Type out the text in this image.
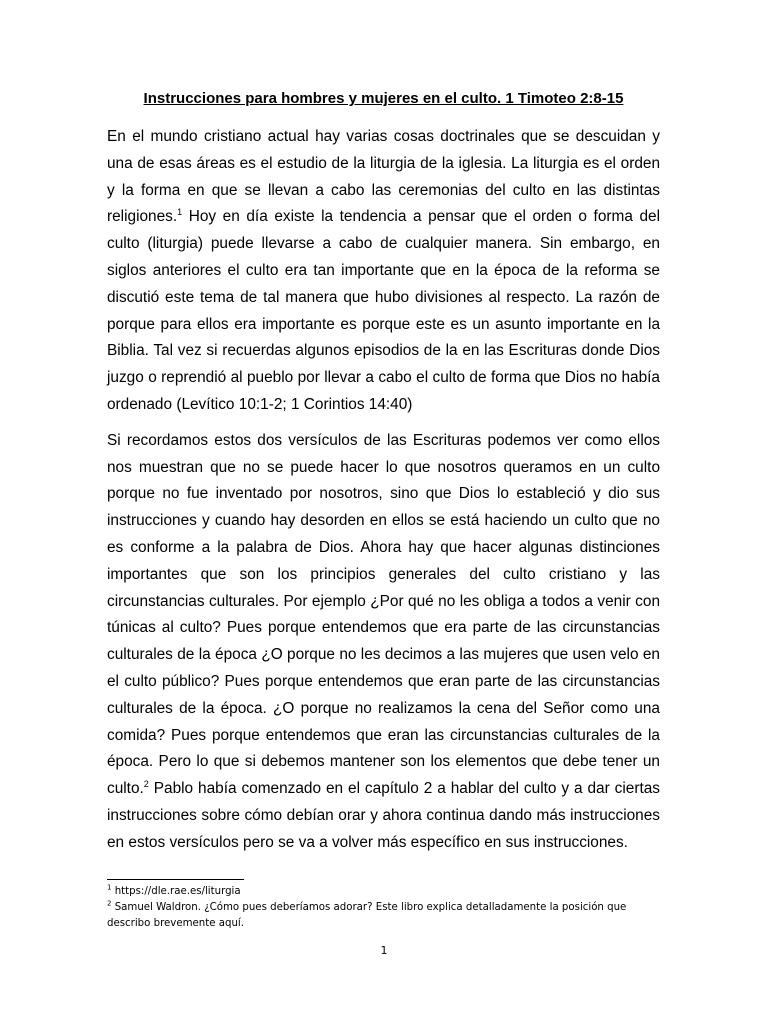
Instrucciones para hombres y mujeres en el culto. 1 Timoteo 2:8-15

En el mundo cristiano actual hay varias cosas doctrinales que se descuidan y una de esas áreas es el estudio de la liturgia de la iglesia. La liturgia es el orden y la forma en que se llevan a cabo las ceremonias del culto en las distintas religiones.$^1$ Hoy en día existe la tendencia a pensar que el orden o forma del culto (liturgia) puede llevarse a cabo de cualquier manera. Sin embargo, en siglos anteriores el culto era tan importante que en la época de la reforma se discutió este tema de tal manera que hubo divisiones al respecto. La razón de porque para ellos era importante es porque este es un asunto importante en la Biblia. Tal vez si recuerdas algunos episodios de la en las Escrituras donde Dios juzgo o reprendió al pueblo por llevar a cabo el culto de forma que Dios no había ordenado (Levítico 10:1-2; 1 Corintios 14:40)

Si recordamos estos dos versículos de las Escrituras podemos ver como ellos nos muestran que no se puede hacer lo que nosotros queramos en un culto porque no fue inventado por nosotros, sino que Dios lo estableció y dio sus instrucciones y cuando hay desorden en ellos se está haciendo un culto que no es conforme a la palabra de Dios. Ahora hay que hacer algunas distinciones importantes que son los principios generales del culto cristiano y las circunstancias culturales. Por ejemplo ¿Por qué no les obliga a todos a venir con túnicas al culto? Pues porque entendemos que era parte de las circunstancias culturales de la época ¿O porque no les decimos a las mujeres que usen velo en el culto público? Pues porque entendemos que eran parte de las circunstancias culturales de la época. ¿O porque no realizamos la cena del Señor como una comida? Pues porque entendemos que eran las circunstancias culturales de la época. Pero lo que si debemos mantener son los elementos que debe tener un culto.$^2$ Pablo había comenzado en el capítulo 2 a hablar del culto y a dar ciertas instrucciones sobre cómo debían orar y ahora continua dando más instrucciones en estos versículos pero se va a volver más específico en sus instrucciones.

$^1$ https://dle.rae.es/liturgia

$^2$ Samuel Waldron. ¿Cómo pues deberíamos adorar? Este libro explica detalladamente la posición que describo brevemente aquí.

1
